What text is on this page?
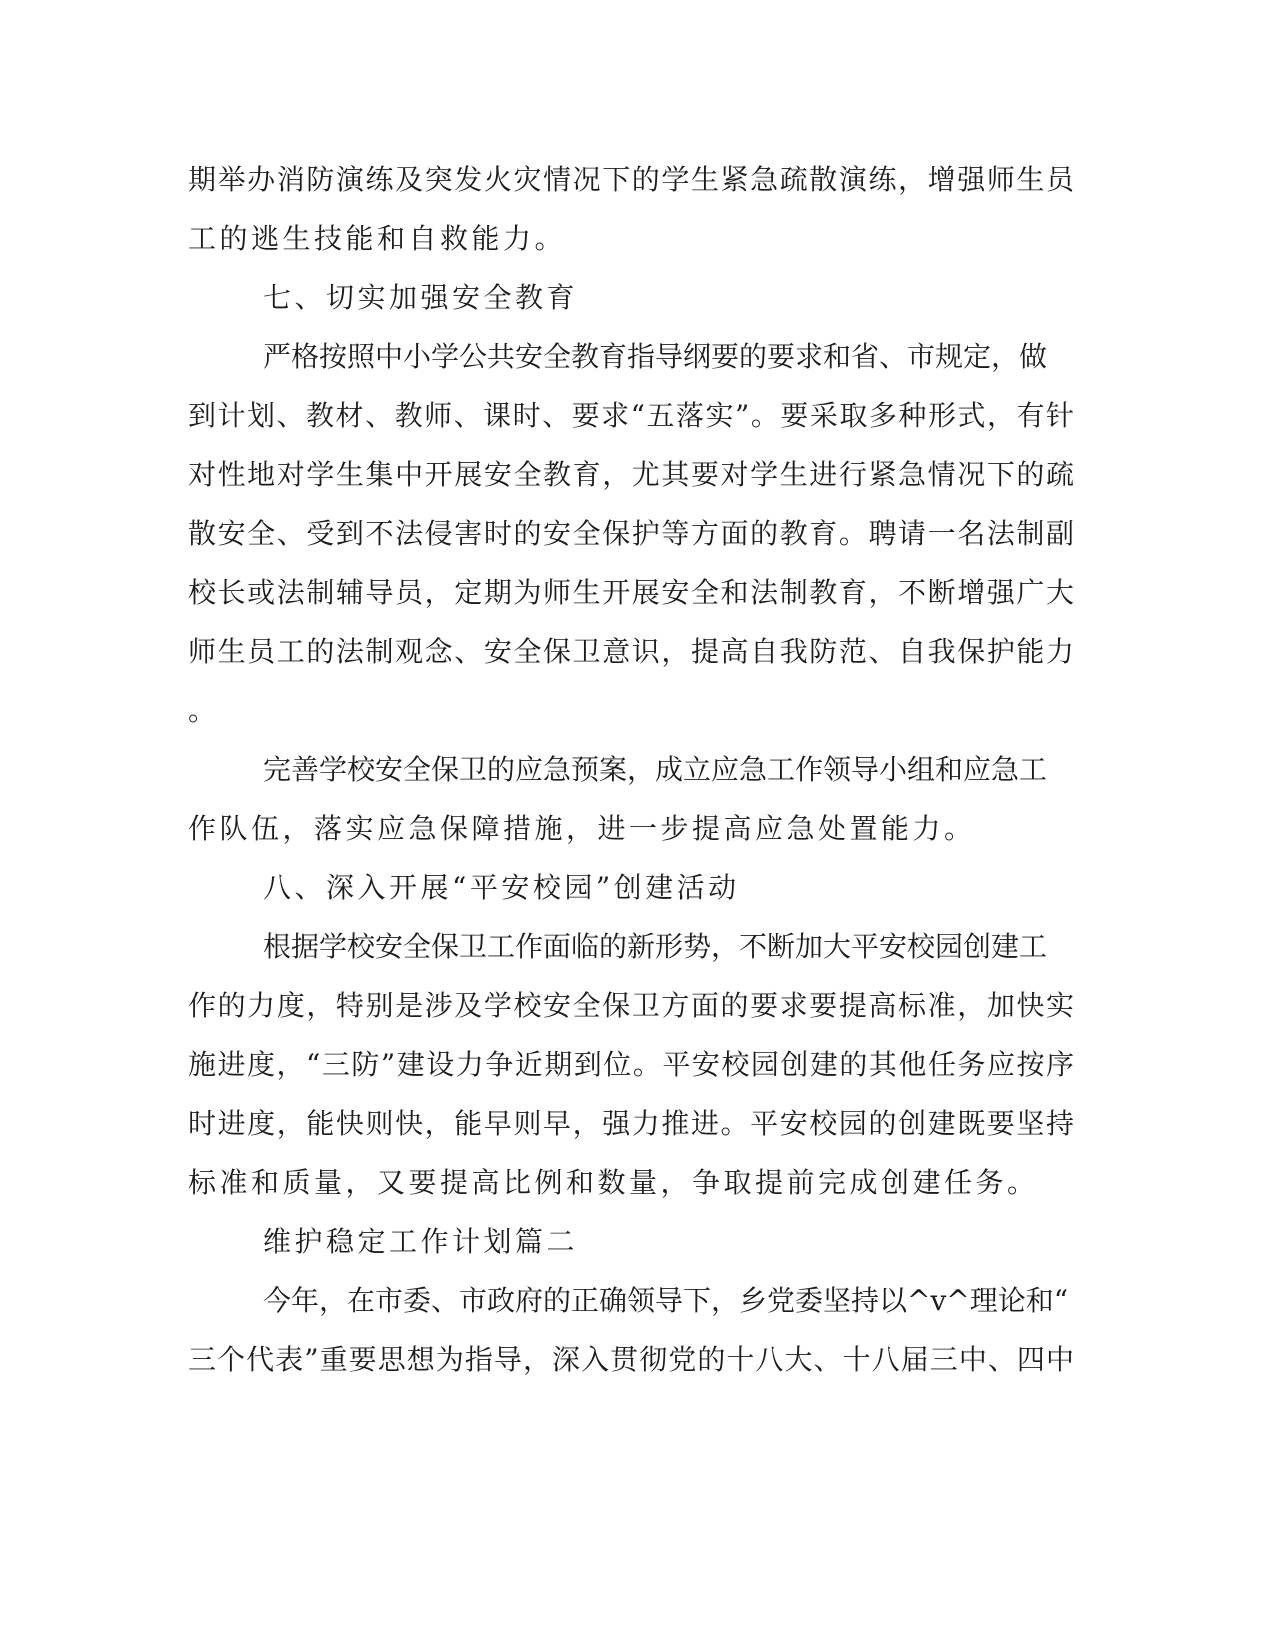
期举办消防演练及突发火灾情况下的学生紧急疏散演练，增强师生员
工的逃生技能和自救能力。
七、切实加强安全教育
严格按照中小学公共安全教育指导纲要的要求和省、市规定，做
到计划、教材、教师、课时、要求“五落实”。要采取多种形式，有针
对性地对学生集中开展安全教育，尤其要对学生进行紧急情况下的疏
散安全、受到不法侵害时的安全保护等方面的教育。聘请一名法制副
校长或法制辅导员，定期为师生开展安全和法制教育，不断增强广大
师生员工的法制观念、安全保卫意识，提高自我防范、自我保护能力
。
完善学校安全保卫的应急预案，成立应急工作领导小组和应急工
作队伍，落实应急保障措施，进一步提高应急处置能力。
八、深入开展“平安校园”创建活动
根据学校安全保卫工作面临的新形势，不断加大平安校园创建工
作的力度，特别是涉及学校安全保卫方面的要求要提高标准，加快实
施进度，“三防”建设力争近期到位。平安校园创建的其他任务应按序
时进度，能快则快，能早则早，强力推进。平安校园的创建既要坚持
标准和质量，又要提高比例和数量，争取提前完成创建任务。
维护稳定工作计划篇二
今年，在市委、市政府的正确领导下，乡党委坚持以^v^理论和“
三个代表”重要思想为指导，深入贯彻党的十八大、十八届三中、四中
